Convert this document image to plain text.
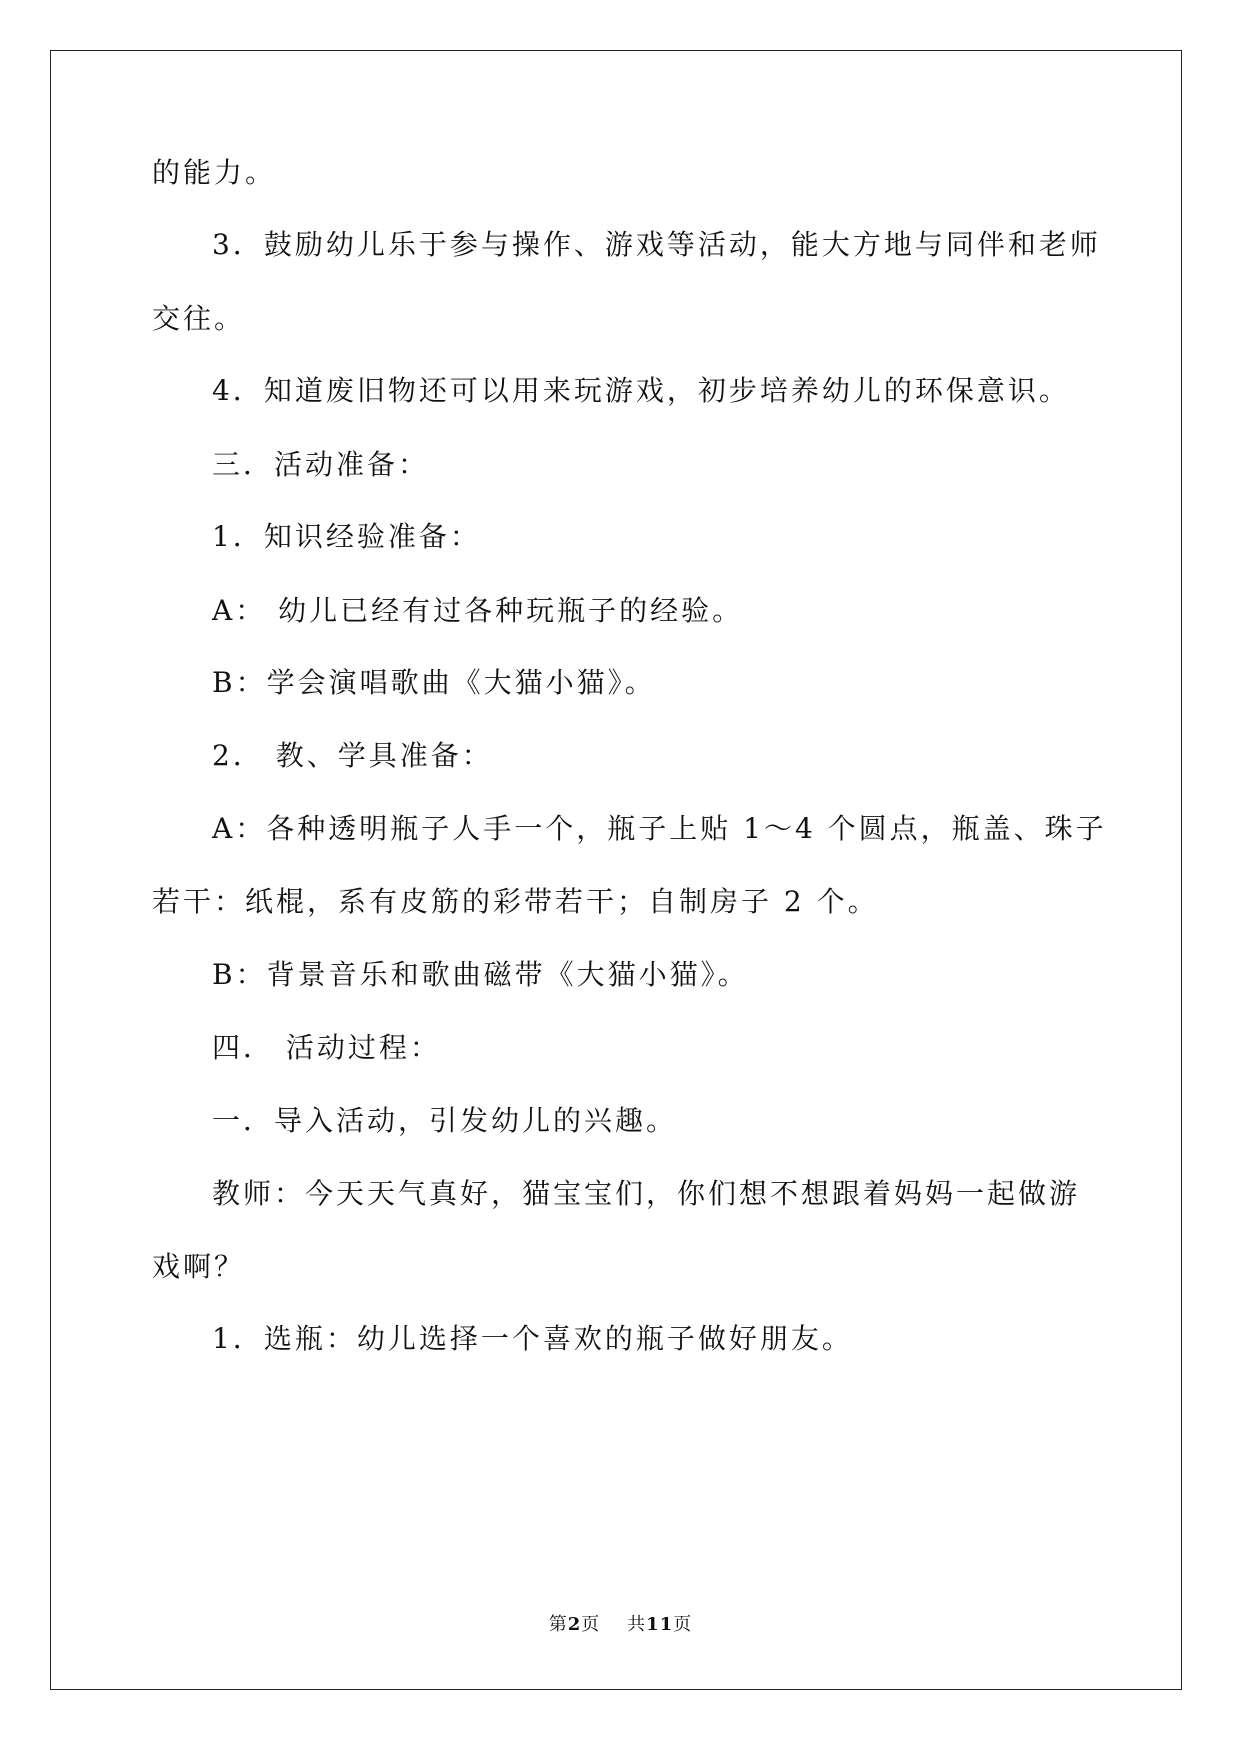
的能力。
3．鼓励幼儿乐于参与操作、游戏等活动，能大方地与同伴和老师
交往。
4．知道废旧物还可以用来玩游戏，初步培养幼儿的环保意识。
三．活动准备：
1．知识经验准备：
A： 幼儿已经有过各种玩瓶子的经验。
B：学会演唱歌曲《大猫小猫》。
2． 教、学具准备：
A：各种透明瓶子人手一个，瓶子上贴 1～4 个圆点，瓶盖、珠子
若干：纸棍，系有皮筋的彩带若干；自制房子 2 个。
B：背景音乐和歌曲磁带《大猫小猫》。
四． 活动过程：
一．导入活动，引发幼儿的兴趣。
教师：今天天气真好，猫宝宝们，你们想不想跟着妈妈一起做游
戏啊？
1．选瓶：幼儿选择一个喜欢的瓶子做好朋友。
第2页 共11页
